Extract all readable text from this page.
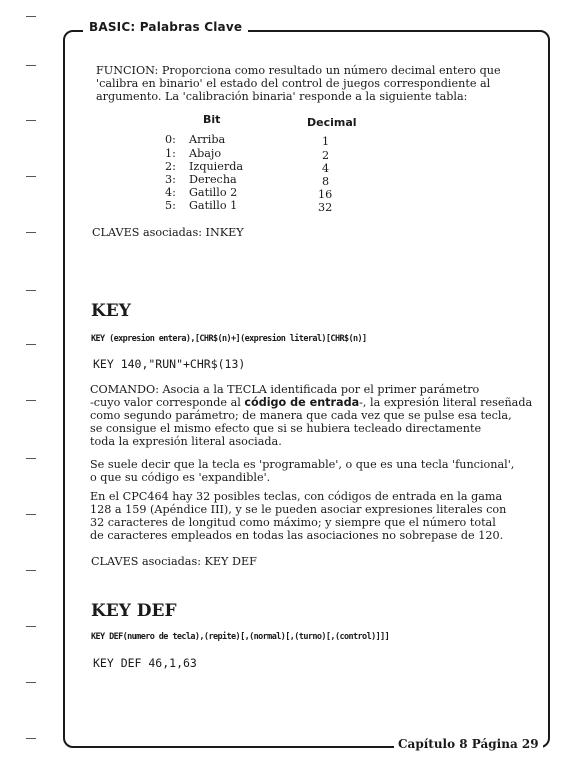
BASIC: Palabras Clave
Capítulo 8 Página 29
FUNCION: Proporciona como resultado un número decimal entero que
'calibra en binario' el estado del control de juegos correspondiente al
argumento. La 'calibración binaria' responde a la siguiente tabla:
Bit	Decimal
0: Arriba	1
1: Abajo	2
2: Izquierda	4
3: Derecha	8
4: Gatillo 2	16
5: Gatillo 1	32
CLAVES asociadas: INKEY
KEY
KEY (expresion entera),[CHR$(n)+](expresion literal)[CHR$(n)]
KEY 140,"RUN"+CHR$(13)
COMANDO: Asocia a la TECLA identificada por el primer parámetro
-cuyo valor corresponde al código de entrada-, la expresión literal reseñada
como segundo parámetro; de manera que cada vez que se pulse esa tecla,
se consigue el mismo efecto que si se hubiera tecleado directamente
toda la expresión literal asociada.
Se suele decir que la tecla es 'programable', o que es una tecla 'funcional',
o que su código es 'expandible'.
En el CPC464 hay 32 posibles teclas, con códigos de entrada en la gama
128 a 159 (Apéndice III), y se le pueden asociar expresiones literales con
32 caracteres de longitud como máximo; y siempre que el número total
de caracteres empleados en todas las asociaciones no sobrepase de 120.
CLAVES asociadas: KEY DEF
KEY DEF
KEY DEF(numero de tecla),(repite)[,(normal)[,(turno)[,(control)]]]
KEY DEF 46,1,63
